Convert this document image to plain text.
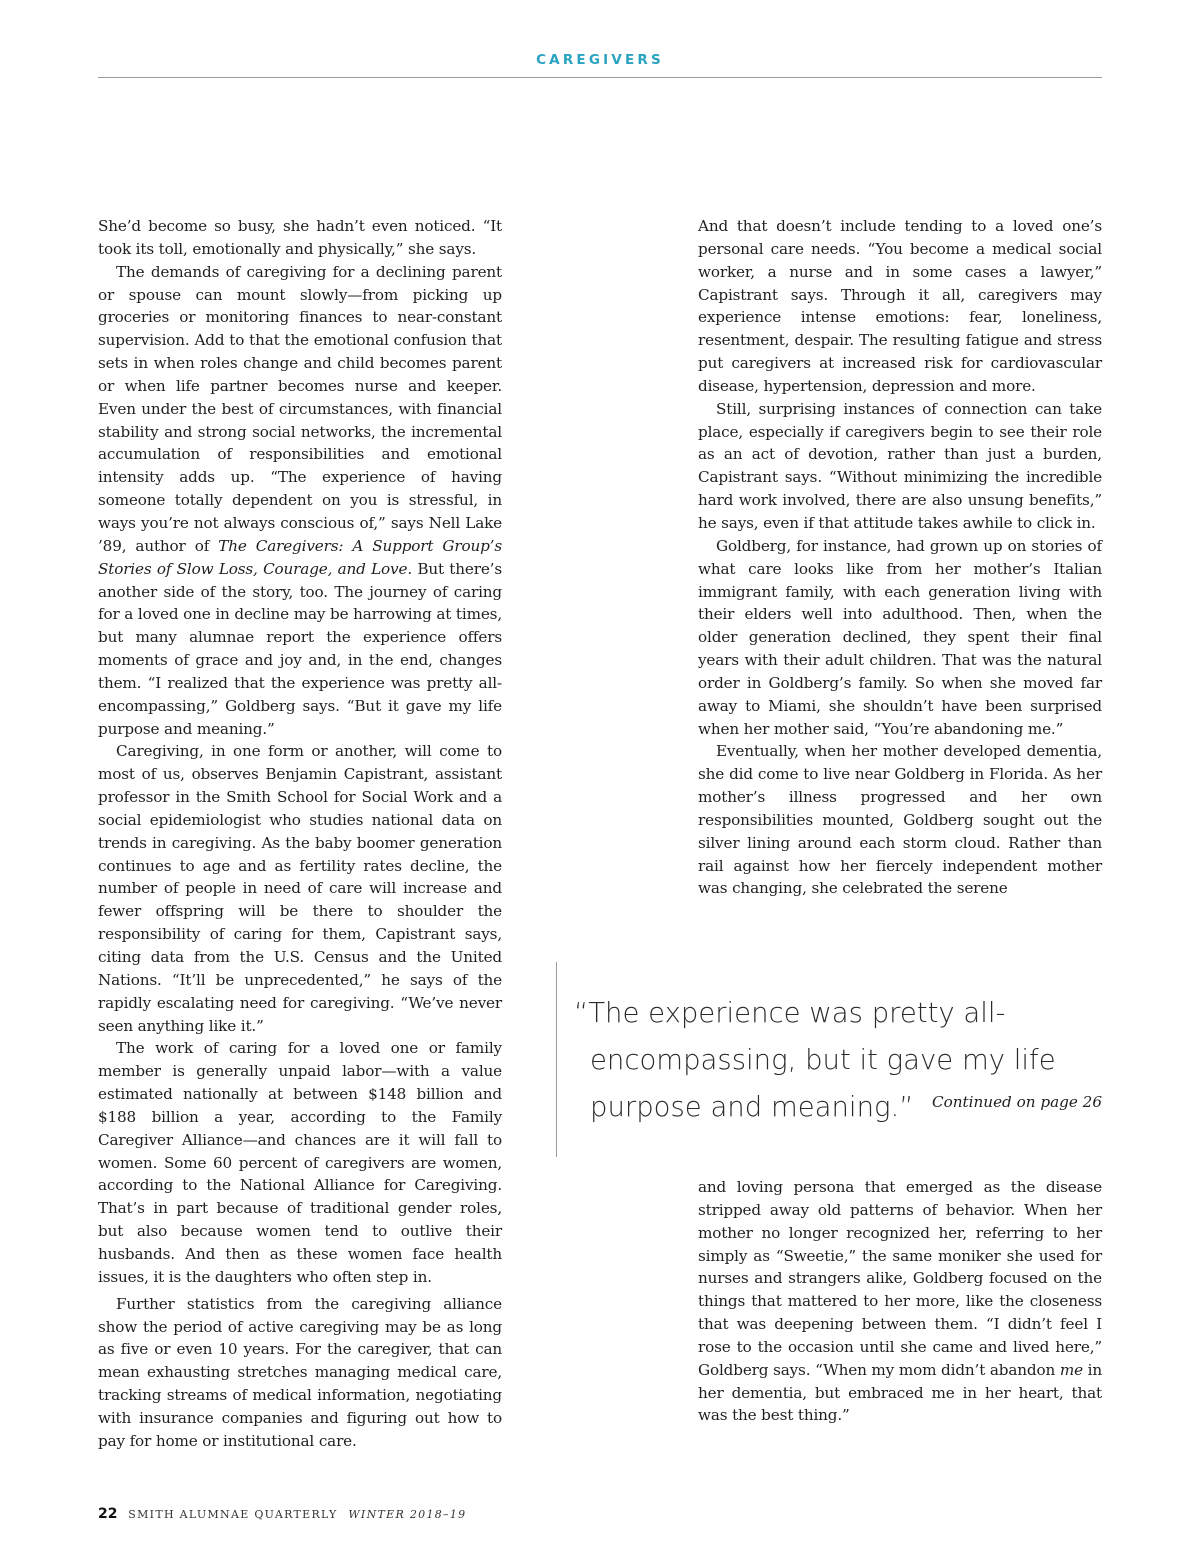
CAREGIVERS

She’d become so busy, she hadn’t even noticed. “It took its toll, emotionally and physically,” she says.

The demands of caregiving for a declining parent or spouse can mount slowly—from picking up groceries or monitoring finances to near-constant supervision. Add to that the emotional confusion that sets in when roles change and child becomes parent or when life partner becomes nurse and keeper. Even under the best of circumstances, with financial stability and strong social networks, the incremental accumulation of responsibilities and emotional intensity adds up. “The experience of having someone totally dependent on you is stressful, in ways you’re not always conscious of,” says Nell Lake ’89, author of The Caregivers: A Support Group’s Stories of Slow Loss, Courage, and Love. But there’s another side of the story, too. The journey of caring for a loved one in decline may be harrowing at times, but many alumnae report the experience offers moments of grace and joy and, in the end, changes them. “I realized that the experience was pretty all-encompassing,” Goldberg says. “But it gave my life purpose and meaning.”

Caregiving, in one form or another, will come to most of us, observes Benjamin Capistrant, assistant professor in the Smith School for Social Work and a social epidemiologist who studies national data on trends in caregiving. As the baby boomer generation continues to age and as fertility rates decline, the number of people in need of care will increase and fewer offspring will be there to shoulder the responsibility of caring for them, Capistrant says, citing data from the U.S. Census and the United Nations. “It’ll be unprecedented,” he says of the rapidly escalating need for caregiving. “We’ve never seen anything like it.”

The work of caring for a loved one or family member is generally unpaid labor—with a value estimated nationally at between $148 billion and $188 billion a year, according to the Family Caregiver Alliance—and chances are it will fall to women. Some 60 percent of caregivers are women, according to the National Alliance for Caregiving. That’s in part because of traditional gender roles, but also because women tend to outlive their husbands. And then as these women face health issues, it is the daughters who often step in.

Further statistics from the caregiving alliance show the period of active caregiving may be as long as five or even 10 years. For the caregiver, that can mean exhausting stretches managing medical care, tracking streams of medical information, negotiating with insurance companies and figuring out how to pay for home or institutional care.

And that doesn’t include tending to a loved one’s personal care needs. “You become a medical social worker, a nurse and in some cases a lawyer,” Capistrant says. Through it all, caregivers may experience intense emotions: fear, loneliness, resentment, despair. The resulting fatigue and stress put caregivers at increased risk for cardiovascular disease, hypertension, depression and more.

Still, surprising instances of connection can take place, especially if caregivers begin to see their role as an act of devotion, rather than just a burden, Capistrant says. “Without minimizing the incredible hard work involved, there are also unsung benefits,” he says, even if that attitude takes awhile to click in.

Goldberg, for instance, had grown up on stories of what care looks like from her mother’s Italian immigrant family, with each generation living with their elders well into adulthood. Then, when the older generation declined, they spent their final years with their adult children. That was the natural order in Goldberg’s family. So when she moved far away to Miami, she shouldn’t have been surprised when her mother said, “You’re abandoning me.”

Eventually, when her mother developed dementia, she did come to live near Goldberg in Florida. As her mother’s illness progressed and her own responsibilities mounted, Goldberg sought out the silver lining around each storm cloud. Rather than rail against how her fiercely independent mother was changing, she celebrated the serene

“The experience was pretty all-
encompassing, but it gave my life
purpose and meaning.”

and loving persona that emerged as the disease stripped away old patterns of behavior. When her mother no longer recognized her, referring to her simply as “Sweetie,” the same moniker she used for nurses and strangers alike, Goldberg focused on the things that mattered to her more, like the closeness that was deepening between them. “I didn’t feel I rose to the occasion until she came and lived here,” Goldberg says. “When my mom didn’t abandon me in her dementia, but embraced me in her heart, that was the best thing.”

Continued on page 26
22 SMITH ALUMNAE QUARTERLY WINTER 2018–19
